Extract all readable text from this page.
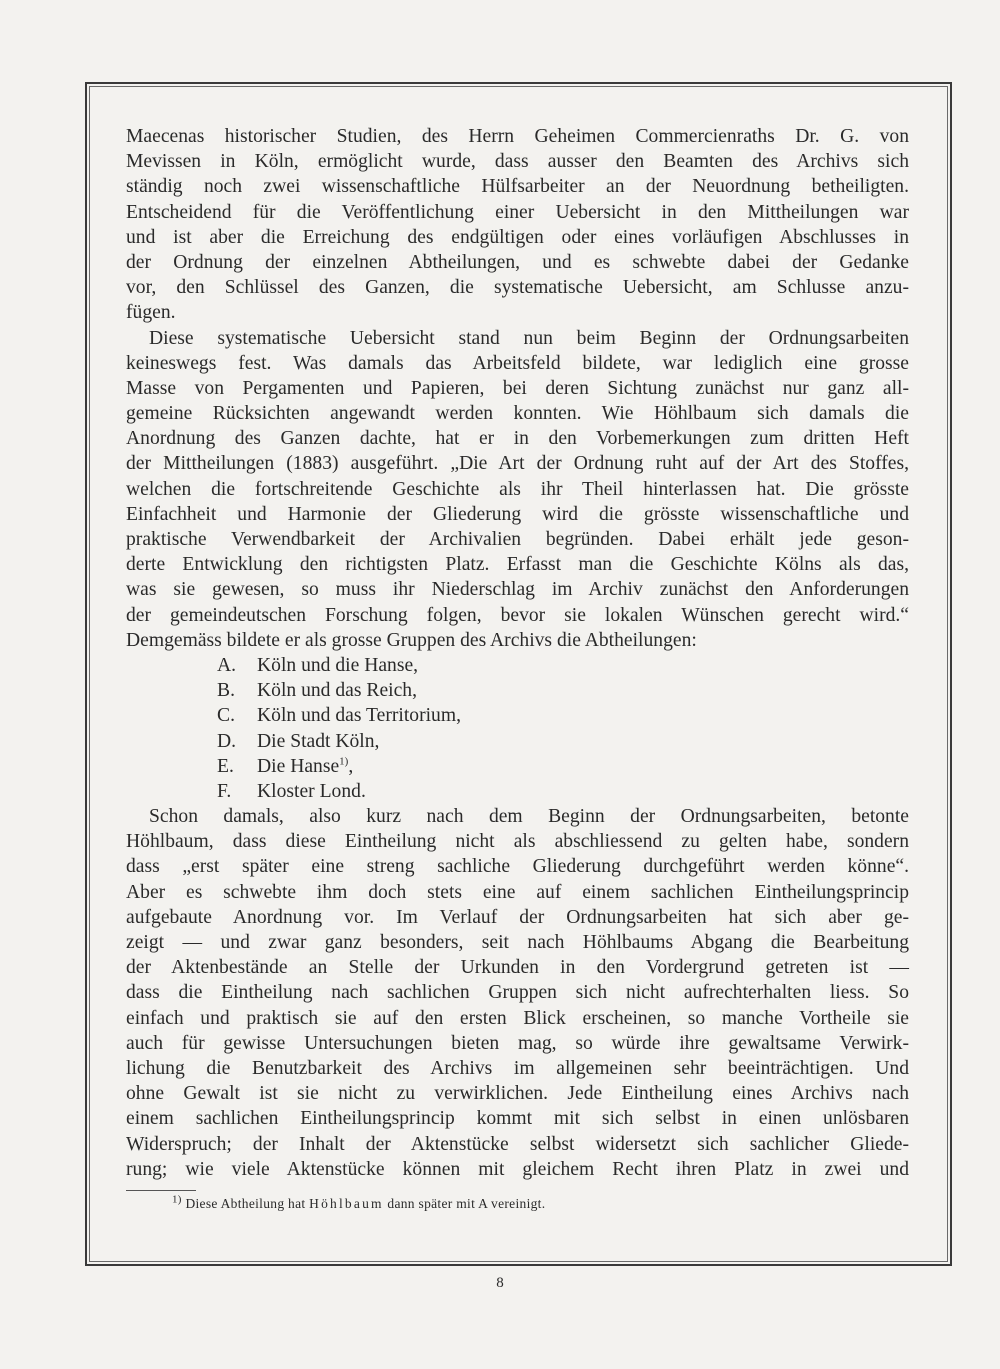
Maecenas historischer Studien, des Herrn Geheimen Commercienraths Dr. G. von
Mevissen in Köln, ermöglicht wurde, dass ausser den Beamten des Archivs sich
ständig noch zwei wissenschaftliche Hülfsarbeiter an der Neuordnung betheiligten.
Entscheidend für die Veröffentlichung einer Uebersicht in den Mittheilungen war
und ist aber die Erreichung des endgültigen oder eines vorläufigen Abschlusses in
der Ordnung der einzelnen Abtheilungen, und es schwebte dabei der Gedanke
vor, den Schlüssel des Ganzen, die systematische Uebersicht, am Schlusse anzu-
fügen.
Diese systematische Uebersicht stand nun beim Beginn der Ordnungsarbeiten
keineswegs fest. Was damals das Arbeitsfeld bildete, war lediglich eine grosse
Masse von Pergamenten und Papieren, bei deren Sichtung zunächst nur ganz all-
gemeine Rücksichten angewandt werden konnten. Wie Höhlbaum sich damals die
Anordnung des Ganzen dachte, hat er in den Vorbemerkungen zum dritten Heft
der Mittheilungen (1883) ausgeführt. „Die Art der Ordnung ruht auf der Art des Stoffes,
welchen die fortschreitende Geschichte als ihr Theil hinterlassen hat. Die grösste
Einfachheit und Harmonie der Gliederung wird die grösste wissenschaftliche und
praktische Verwendbarkeit der Archivalien begründen. Dabei erhält jede geson-
derte Entwicklung den richtigsten Platz. Erfasst man die Geschichte Kölns als das,
was sie gewesen, so muss ihr Niederschlag im Archiv zunächst den Anforderungen
der gemeindeutschen Forschung folgen, bevor sie lokalen Wünschen gerecht wird.“
Demgemäss bildete er als grosse Gruppen des Archivs die Abtheilungen:
A. Köln und die Hanse,
B. Köln und das Reich,
C. Köln und das Territorium,
D. Die Stadt Köln,
E. Die Hanse$^{1)}$,
F. Kloster Lond.
Schon damals, also kurz nach dem Beginn der Ordnungsarbeiten, betonte
Höhlbaum, dass diese Eintheilung nicht als abschliessend zu gelten habe, sondern
dass „erst später eine streng sachliche Gliederung durchgeführt werden könne“.
Aber es schwebte ihm doch stets eine auf einem sachlichen Eintheilungsprincip
aufgebaute Anordnung vor. Im Verlauf der Ordnungsarbeiten hat sich aber ge-
zeigt — und zwar ganz besonders, seit nach Höhlbaums Abgang die Bearbeitung
der Aktenbestände an Stelle der Urkunden in den Vordergrund getreten ist —
dass die Eintheilung nach sachlichen Gruppen sich nicht aufrechterhalten liess. So
einfach und praktisch sie auf den ersten Blick erscheinen, so manche Vortheile sie
auch für gewisse Untersuchungen bieten mag, so würde ihre gewaltsame Verwirk-
lichung die Benutzbarkeit des Archivs im allgemeinen sehr beeinträchtigen. Und
ohne Gewalt ist sie nicht zu verwirklichen. Jede Eintheilung eines Archivs nach
einem sachlichen Eintheilungsprincip kommt mit sich selbst in einen unlösbaren
Widerspruch; der Inhalt der Aktenstücke selbst widersetzt sich sachlicher Gliede-
rung; wie viele Aktenstücke können mit gleichem Recht ihren Platz in zwei und
$^{1)}$ Diese Abtheilung hat Höhlbaum dann später mit A vereinigt.
8
